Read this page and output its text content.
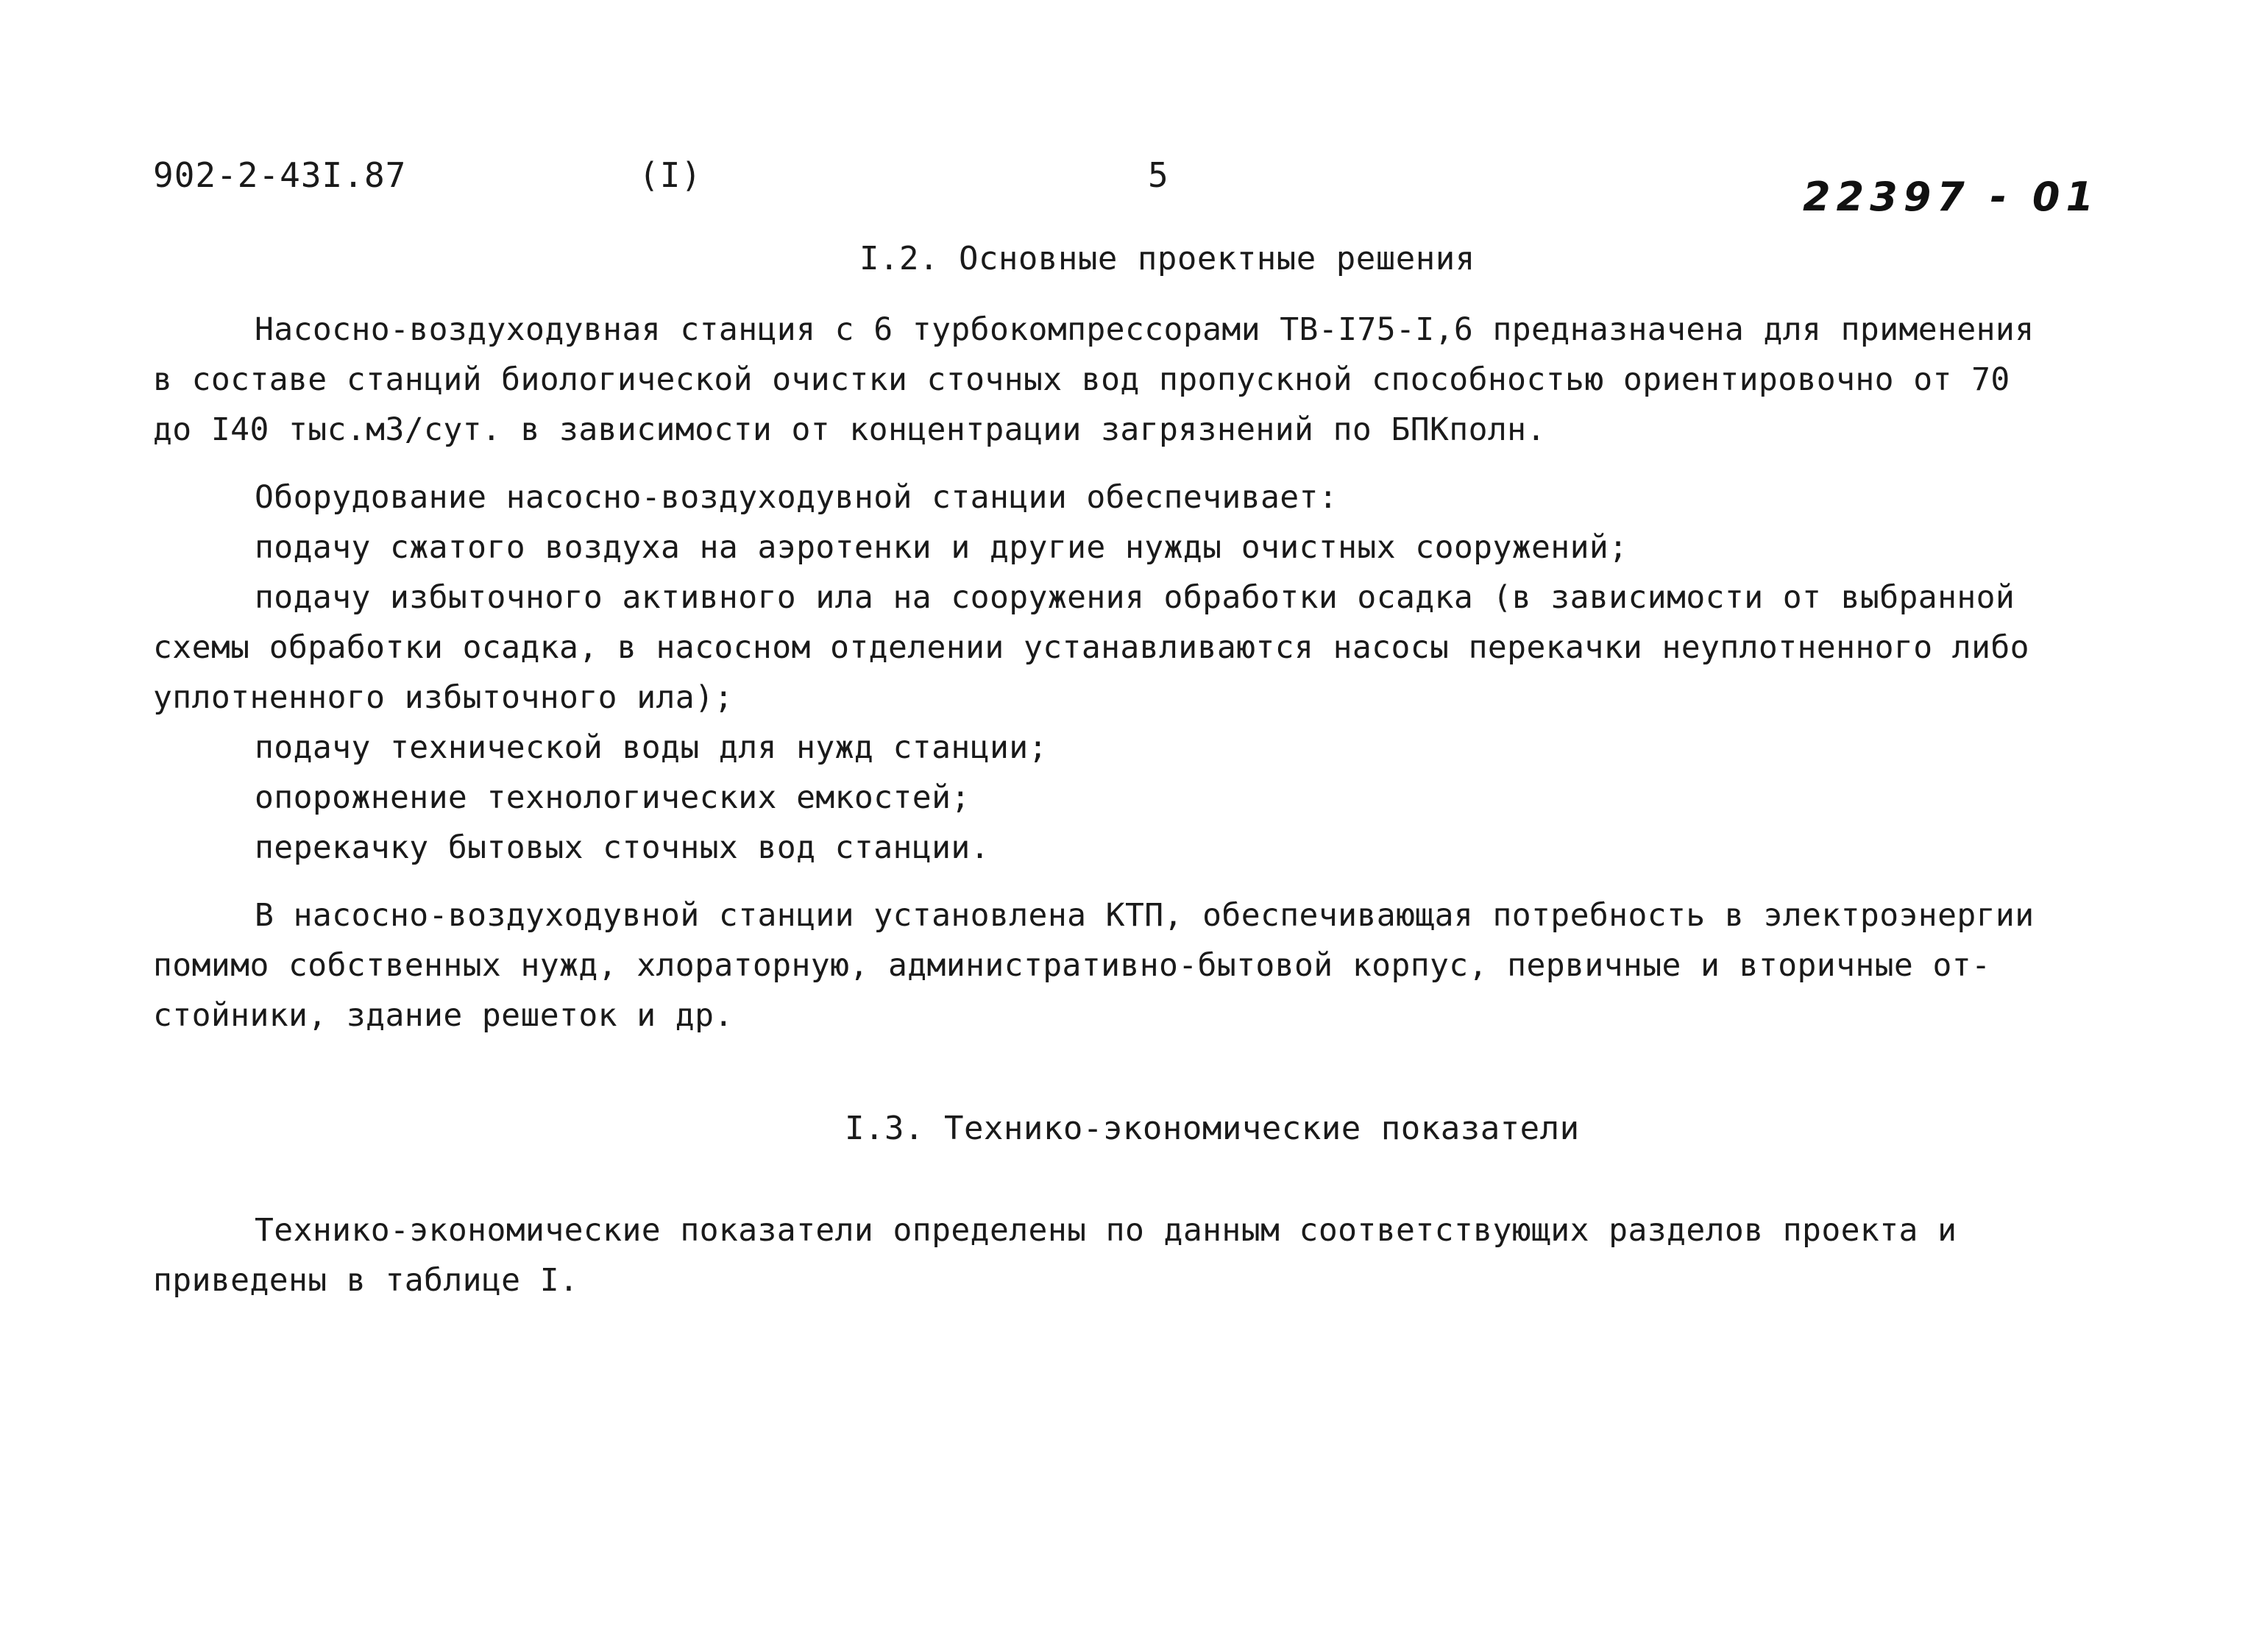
902-2-43I.87	(I)	5	22397 - 01
I.2. Основные проектные решения
Насосно-воздуходувная станция с 6 турбокомпрессорами ТВ-I75-I,6 предназначена для применения
в составе станций биологической очистки сточных вод пропускной способностью ориентировочно от 70
до I40 тыс.м3/сут. в зависимости от концентрации загрязнений по БПКполн.
Оборудование насосно-воздуходувной станции обеспечивает:
подачу сжатого воздуха на аэротенки и другие нужды очистных сооружений;
подачу избыточного активного ила на сооружения обработки осадка (в зависимости от выбранной
схемы обработки осадка, в насосном отделении устанавливаются насосы перекачки неуплотненного либо
уплотненного избыточного ила);
подачу технической воды для нужд станции;
опорожнение технологических емкостей;
перекачку бытовых сточных вод станции.
В насосно-воздуходувной станции установлена КТП, обеспечивающая потребность в электроэнергии
помимо собственных нужд, хлораторную, административно-бытовой корпус, первичные и вторичные от-
стойники, здание решеток и др.
I.3. Технико-экономические показатели
Технико-экономические показатели определены по данным соответствующих разделов проекта и
приведены в таблице I.
